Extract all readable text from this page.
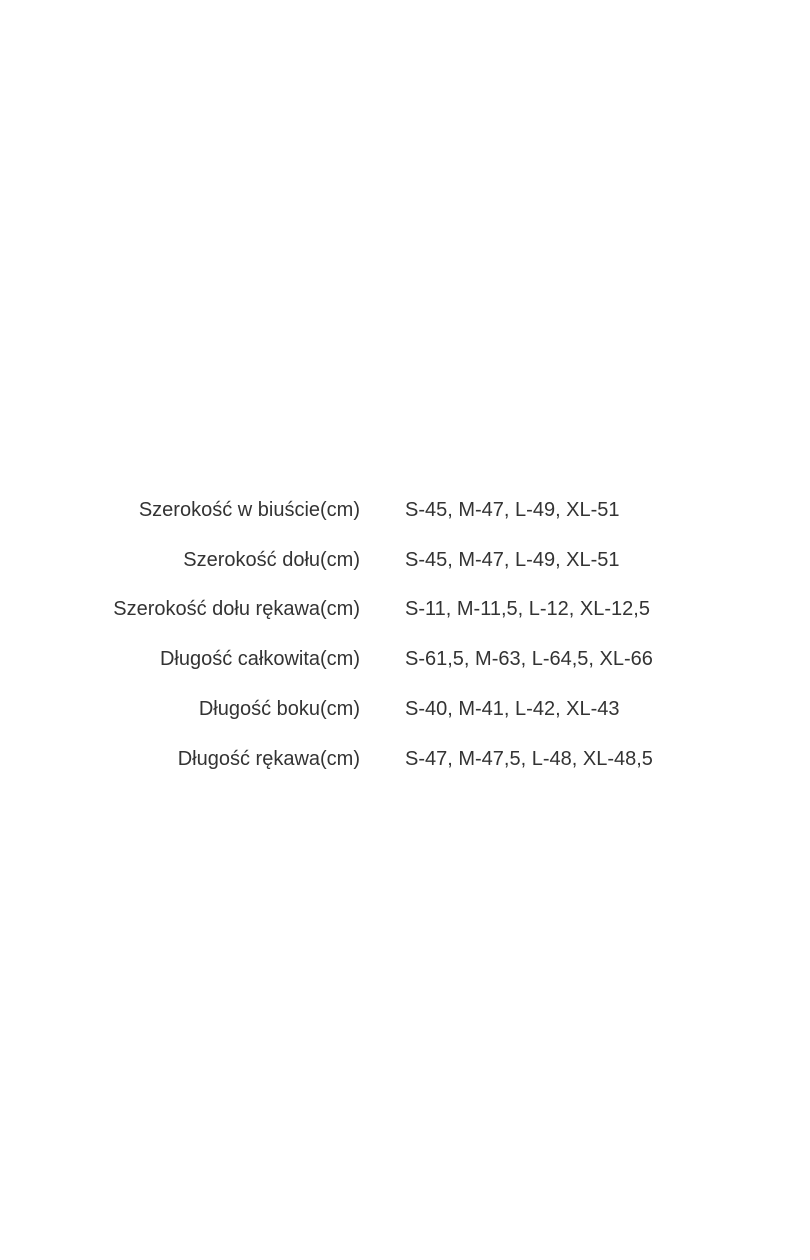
Szerokość w biuście(cm) S-45, M-47, L-49, XL-51
Szerokość dołu(cm) S-45, M-47, L-49, XL-51
Szerokość dołu rękawa(cm) S-11, M-11,5, L-12, XL-12,5
Długość całkowita(cm) S-61,5, M-63, L-64,5, XL-66
Długość boku(cm) S-40, M-41, L-42, XL-43
Długość rękawa(cm) S-47, M-47,5, L-48, XL-48,5
